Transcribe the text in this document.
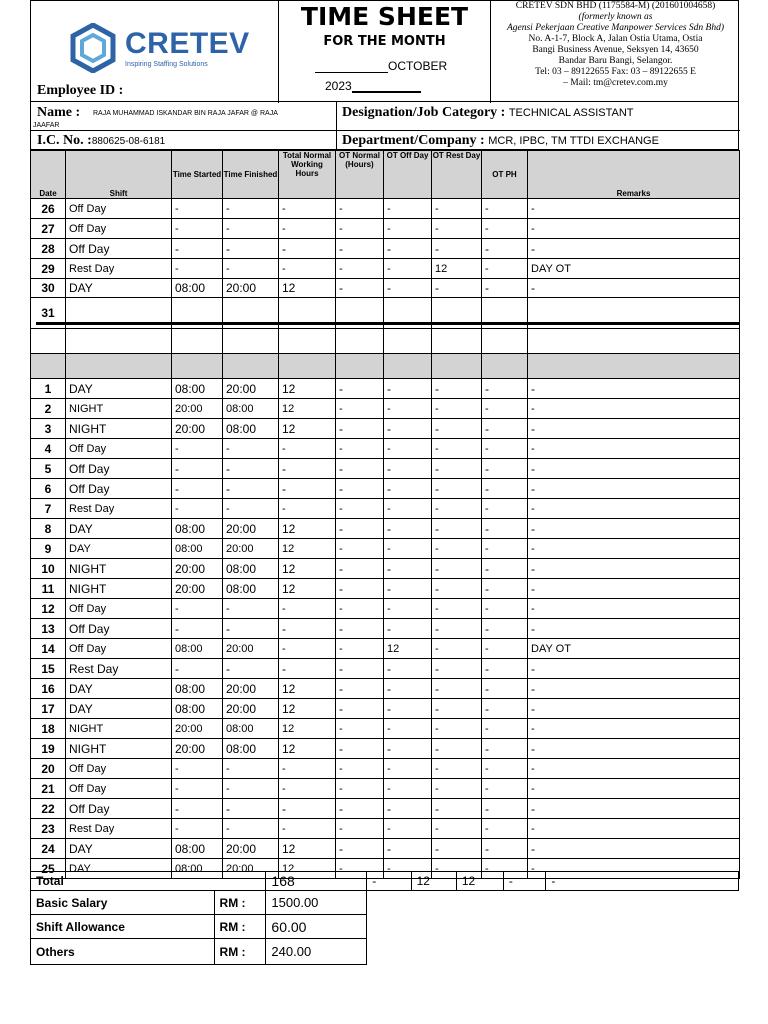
CRETEV
Inspiring Staffing Solutions
Employee ID :
TIME SHEET
FOR THE MONTH
OCTOBER
2023
CRETEV SDN BHD (1175584-M) (201601004658)
(formerly known as
Agensi Pekerjaan Creative Manpower Services Sdn Bhd)
No. A-1-7, Block A, Jalan Ostia Utama, Ostia
Bangi Business Avenue, Seksyen 14, 43650
Bandar Baru Bangi, Selangor.
Tel: 03 – 89122655 Fax: 03 – 89122655 E
– Mail: tm@cretev.com.my
Name : RAJA MUHAMMAD ISKANDAR BIN RAJA JAFAR @ RAJA
JAAFAR
I.C. No. :880625-08-6181
Designation/Job Category : TECHNICAL ASSISTANT
Department/Company : MCR, IPBC, TM TTDI EXCHANGE
Date	Shift	Time Started	Time Finished	Total Normal Working Hours	OT Normal (Hours)	OT Off Day	OT Rest Day	OT PH	Remarks
26	Off Day	-	-	-	-	-	-	-	-
27	Off Day	-	-	-	-	-	-	-	-
28	Off Day	-	-	-	-	-	-	-	-
29	Rest Day	-	-	-	-	-	12	-	DAY OT
30	DAY	08:00	20:00	12	-	-	-	-	-
31									

1	DAY	08:00	20:00	12	-	-	-	-	-
2	NIGHT	20:00	08:00	12	-	-	-	-	-
3	NIGHT	20:00	08:00	12	-	-	-	-	-
4	Off Day	-	-	-	-	-	-	-	-
5	Off Day	-	-	-	-	-	-	-	-
6	Off Day	-	-	-	-	-	-	-	-
7	Rest Day	-	-	-	-	-	-	-	-
8	DAY	08:00	20:00	12	-	-	-	-	-
9	DAY	08:00	20:00	12	-	-	-	-	-
10	NIGHT	20:00	08:00	12	-	-	-	-	-
11	NIGHT	20:00	08:00	12	-	-	-	-	-
12	Off Day	-	-	-	-	-	-	-	-
13	Off Day	-	-	-	-	-	-	-	-
14	Off Day	08:00	20:00	-	-	12	-	-	DAY OT
15	Rest Day	-	-	-	-	-	-	-	-
16	DAY	08:00	20:00	12	-	-	-	-	-
17	DAY	08:00	20:00	12	-	-	-	-	-
18	NIGHT	20:00	08:00	12	-	-	-	-	-
19	NIGHT	20:00	08:00	12	-	-	-	-	-
20	Off Day	-	-	-	-	-	-	-	-
21	Off Day	-	-	-	-	-	-	-	-
22	Off Day	-	-	-	-	-	-	-	-
23	Rest Day	-	-	-	-	-	-	-	-
24	DAY	08:00	20:00	12	-	-	-	-	-
25	DAY	08:00	20:00	12	-	-	-	-	-
Total		168	-	12	12	-	-
Basic Salary	RM :	1500.00					
Shift Allowance	RM :	60.00					
Others	RM :	240.00					
